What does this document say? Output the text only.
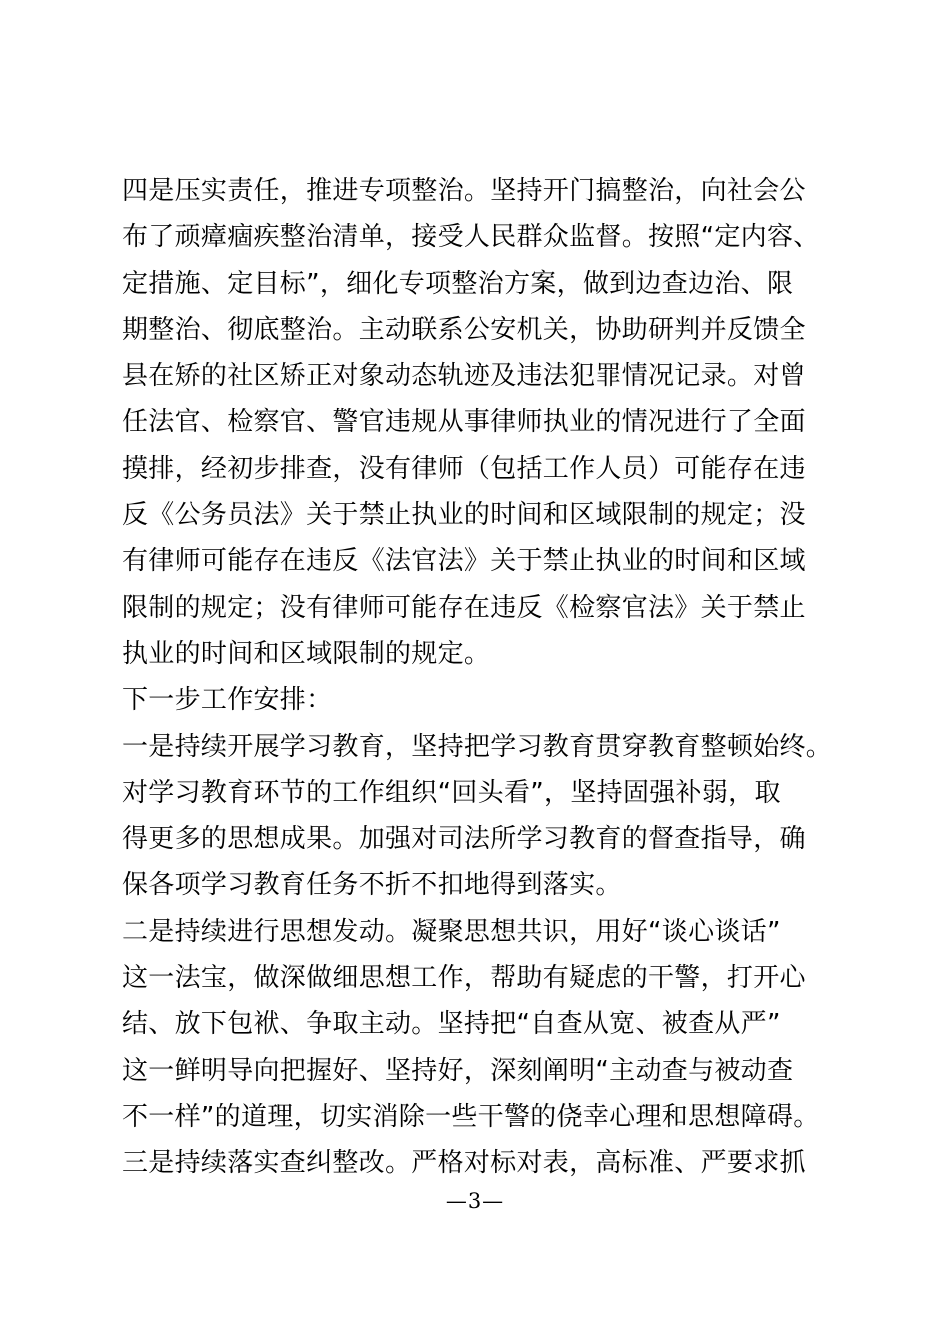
四是压实责任，推进专项整治。坚持开门搞整治，向社会公
布了顽瘴痼疾整治清单，接受人民群众监督。按照“定内容、
定措施、定目标”，细化专项整治方案，做到边查边治、限
期整治、彻底整治。主动联系公安机关，协助研判并反馈全
县在矫的社区矫正对象动态轨迹及违法犯罪情况记录。对曾
任法官、检察官、警官违规从事律师执业的情况进行了全面
摸排，经初步排查，没有律师（包括工作人员）可能存在违
反《公务员法》关于禁止执业的时间和区域限制的规定；没
有律师可能存在违反《法官法》关于禁止执业的时间和区域
限制的规定；没有律师可能存在违反《检察官法》关于禁止
执业的时间和区域限制的规定。
下一步工作安排：
一是持续开展学习教育，坚持把学习教育贯穿教育整顿始终。
对学习教育环节的工作组织“回头看”，坚持固强补弱，取
得更多的思想成果。加强对司法所学习教育的督查指导，确
保各项学习教育任务不折不扣地得到落实。
二是持续进行思想发动。凝聚思想共识，用好“谈心谈话”
这一法宝，做深做细思想工作，帮助有疑虑的干警，打开心
结、放下包袱、争取主动。坚持把“自查从宽、被查从严”
这一鲜明导向把握好、坚持好，深刻阐明“主动查与被动查
不一样”的道理，切实消除一些干警的侥幸心理和思想障碍。
三是持续落实查纠整改。严格对标对表，高标准、严要求抓
—3—
